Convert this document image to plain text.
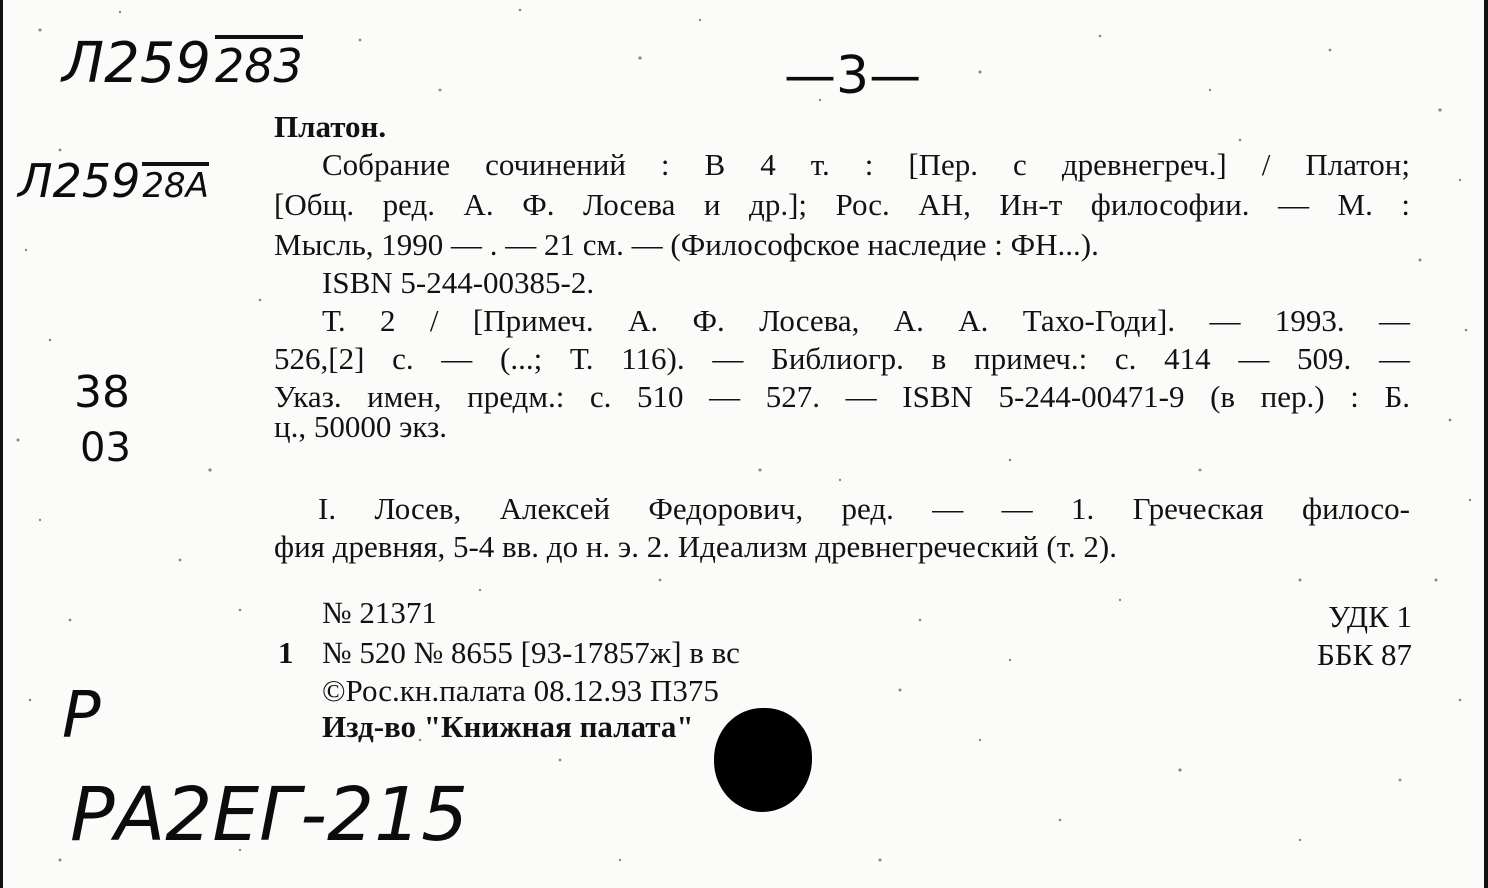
Л259283	—3—
Л25928A
38
03
Р
РА2ЕГ-215
Платон.
Собрание сочинений : В 4 т. : [Пер. с древнегреч.] / Платон;
[Общ. ред. А. Ф. Лосева и др.]; Рос. АН, Ин-т философии. — М. :
Мысль, 1990 — . — 21 см. — (Философское наследие : ФН...).
ISBN 5-244-00385-2.
Т. 2 / [Примеч. А. Ф. Лосева, А. А. Тахо-Годи]. — 1993. —
526,[2] с. — (...; Т. 116). — Библиогр. в примеч.: с. 414 — 509. —
Указ. имен, предм.: с. 510 — 527. — ISBN 5-244-00471-9 (в пер.) : Б.
ц., 50000 экз.
I. Лосев, Алексей Федорович, ред. — — 1. Греческая филосо-
фия древняя, 5-4 вв. до н. э. 2. Идеализм древнегреческий (т. 2).
№ 21371
1 № 520 № 8655 [93-17857ж] в вс
©Рос.кн.палата 08.12.93 П375
Изд-во "Книжная палата"
УДК 1
ББК 87
